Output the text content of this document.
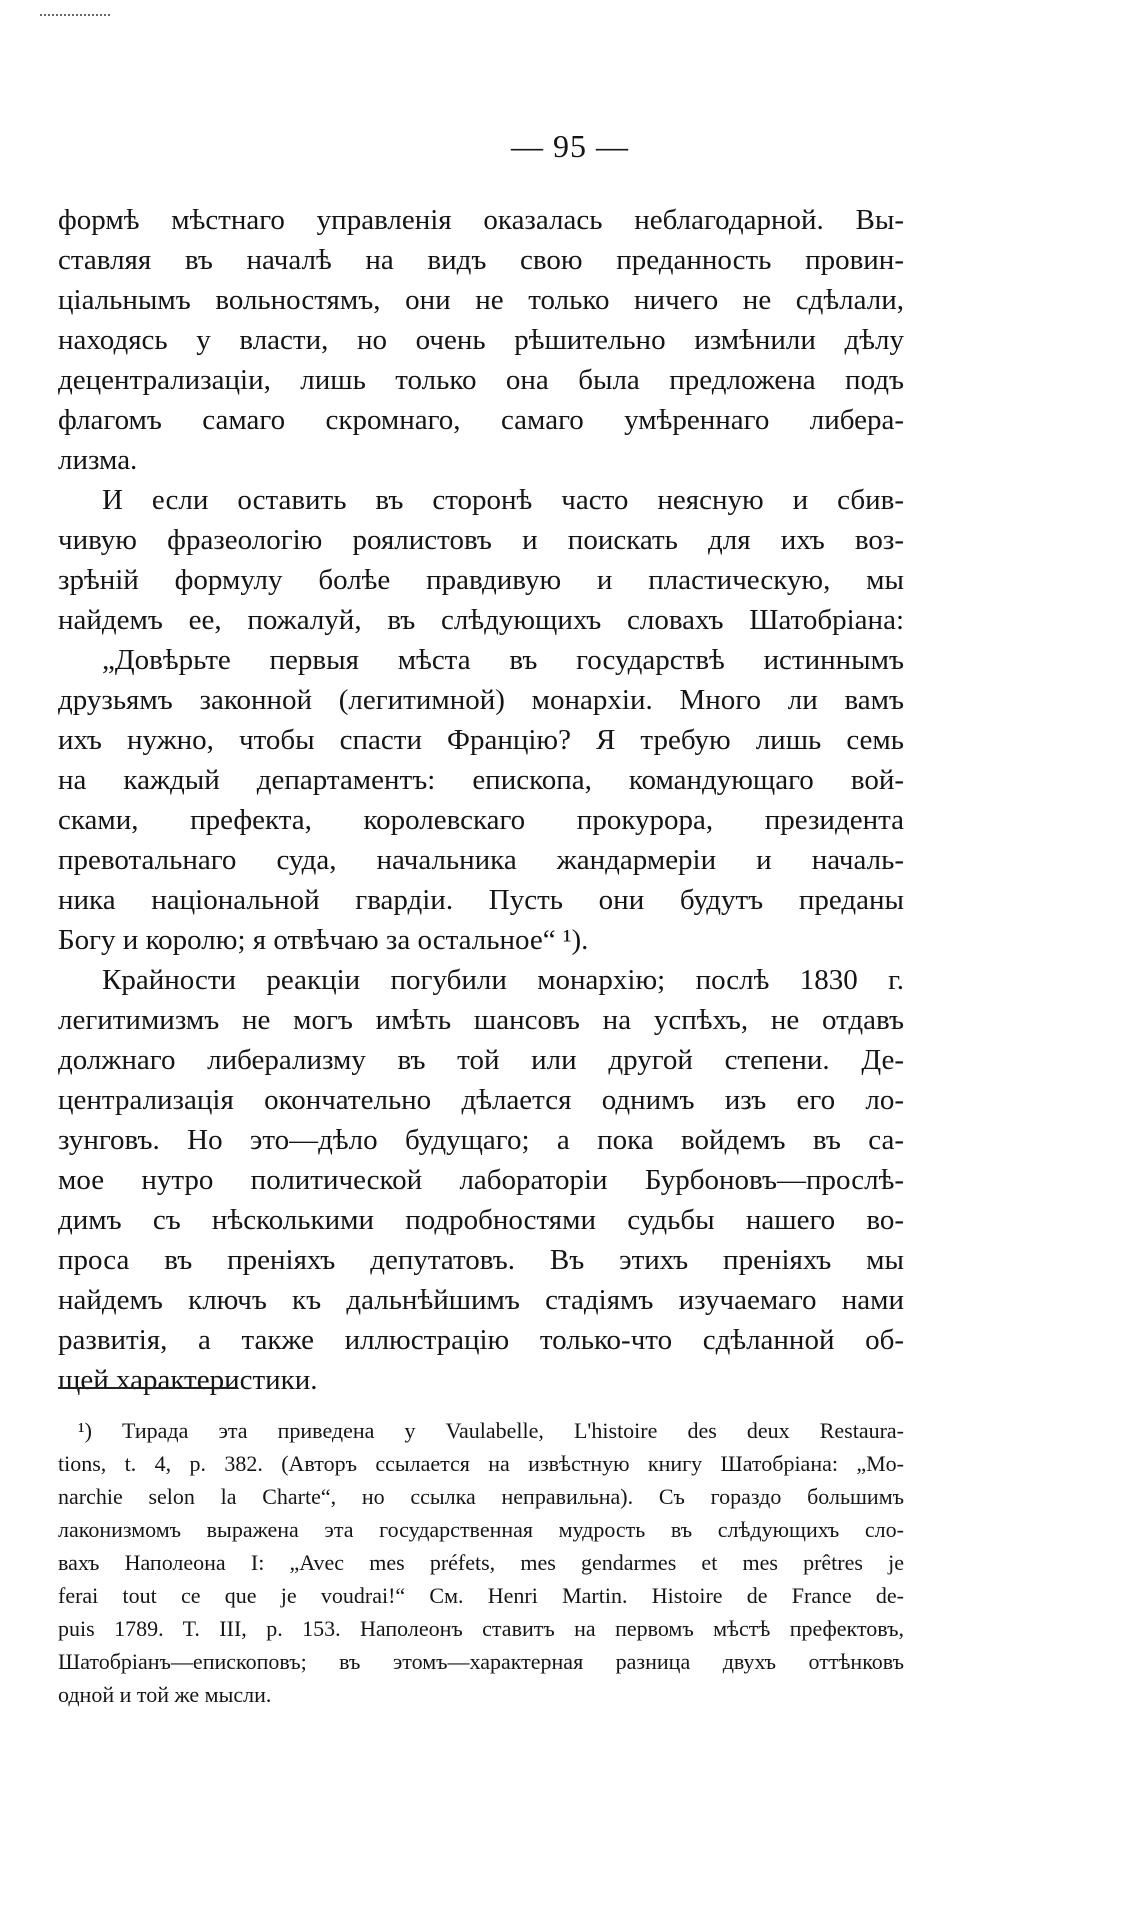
— 95 —
формѣ мѣстнаго управленія оказалась неблагодарной. Вы-
ставляя въ началѣ на видъ свою преданность провин-
ціальнымъ вольностямъ, они не только ничего не сдѣлали,
находясь у власти, но очень рѣшительно измѣнили дѣлу
децентрализаціи, лишь только она была предложена подъ
флагомъ самаго скромнаго, самаго умѣреннаго либера-
лизма.
И если оставить въ сторонѣ часто неясную и сбив-
чивую фразеологію роялистовъ и поискать для ихъ воз-
зрѣній формулу болѣе правдивую и пластическую, мы
найдемъ ее, пожалуй, въ слѣдующихъ словахъ Шатобріана:
„Довѣрьте первыя мѣста въ государствѣ истиннымъ
друзьямъ законной (легитимной) монархіи. Много ли вамъ
ихъ нужно, чтобы спасти Францію? Я требую лишь семь
на каждый департаментъ: епископа, командующаго вой-
сками, префекта, королевскаго прокурора, президента
превотальнаго суда, начальника жандармеріи и началь-
ника національной гвардіи. Пусть они будутъ преданы
Богу и королю; я отвѣчаю за остальное“ ¹).
Крайности реакціи погубили монархію; послѣ 1830 г.
легитимизмъ не могъ имѣть шансовъ на успѣхъ, не отдавъ
должнаго либерализму въ той или другой степени. Де-
централизація окончательно дѣлается однимъ изъ его ло-
зунговъ. Но это—дѣло будущаго; а пока войдемъ въ са-
мое нутро политической лабораторіи Бурбоновъ—прослѣ-
димъ съ нѣсколькими подробностями судьбы нашего во-
проса въ преніяхъ депутатовъ. Въ этихъ преніяхъ мы
найдемъ ключъ къ дальнѣйшимъ стадіямъ изучаемаго нами
развитія, а также иллюстрацію только-что сдѣланной об-
щей характеристики.
¹) Тирада эта приведена у Vaulabelle, L'histoire des deux Restaura-
tions, t. 4, p. 382. (Авторъ ссылается на извѣстную книгу Шатобріана: „Mo-
narchie selon la Charte“, но ссылка неправильна). Съ гораздо большимъ
лаконизмомъ выражена эта государственная мудрость въ слѣдующихъ сло-
вахъ Наполеона I: „Avec mes préfets, mes gendarmes et mes prêtres je
ferai tout ce que je voudrai!“ См. Henri Martin. Histoire de France de-
puis 1789. T. III, p. 153. Наполеонъ ставитъ на первомъ мѣстѣ префектовъ,
Шатобріанъ—епископовъ; въ этомъ—характерная разница двухъ оттѣнковъ
одной и той же мысли.
